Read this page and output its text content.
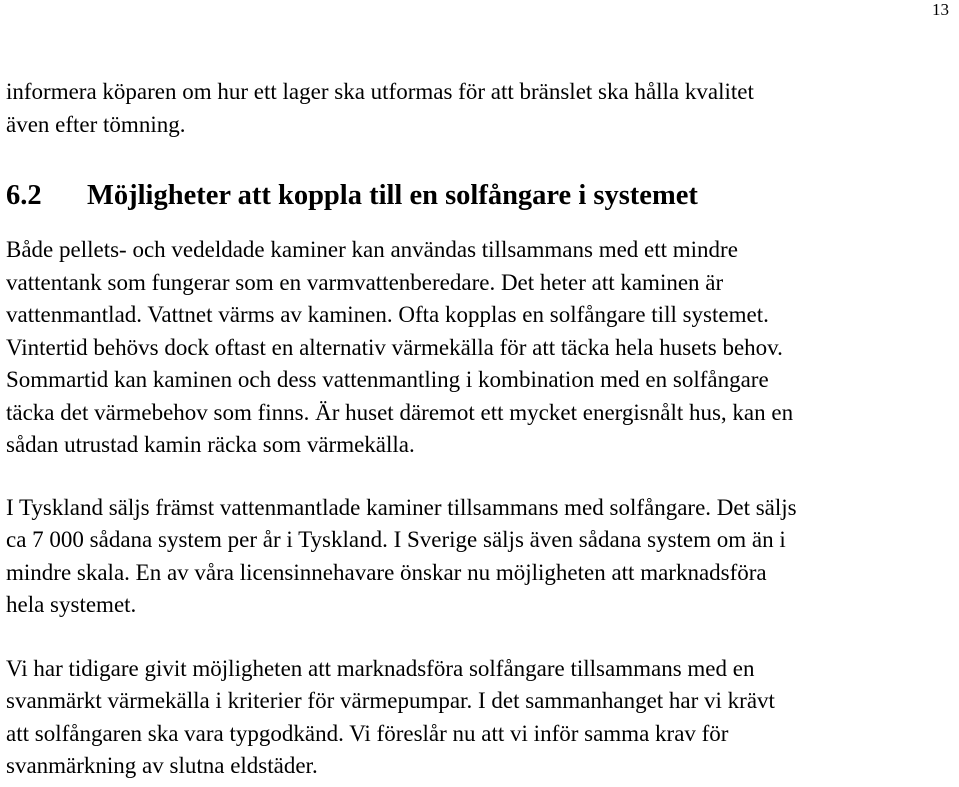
13

informera köparen om hur ett lager ska utformas för att bränslet ska hålla kvalitet
även efter tömning.

6.2 Möjligheter att koppla till en solfångare i systemet

Både pellets- och vedeldade kaminer kan användas tillsammans med ett mindre
vattentank som fungerar som en varmvattenberedare. Det heter att kaminen är
vattenmantlad. Vattnet värms av kaminen. Ofta kopplas en solfångare till systemet.
Vintertid behövs dock oftast en alternativ värmekälla för att täcka hela husets behov.
Sommartid kan kaminen och dess vattenmantling i kombination med en solfångare
täcka det värmebehov som finns. Är huset däremot ett mycket energisnålt hus, kan en
sådan utrustad kamin räcka som värmekälla.

I Tyskland säljs främst vattenmantlade kaminer tillsammans med solfångare. Det säljs
ca 7 000 sådana system per år i Tyskland. I Sverige säljs även sådana system om än i
mindre skala. En av våra licensinnehavare önskar nu möjligheten att marknadsföra
hela systemet.

Vi har tidigare givit möjligheten att marknadsföra solfångare tillsammans med en
svanmärkt värmekälla i kriterier för värmepumpar. I det sammanhanget har vi krävt
att solfångaren ska vara typgodkänd. Vi föreslår nu att vi inför samma krav för
svanmärkning av slutna eldstäder.
